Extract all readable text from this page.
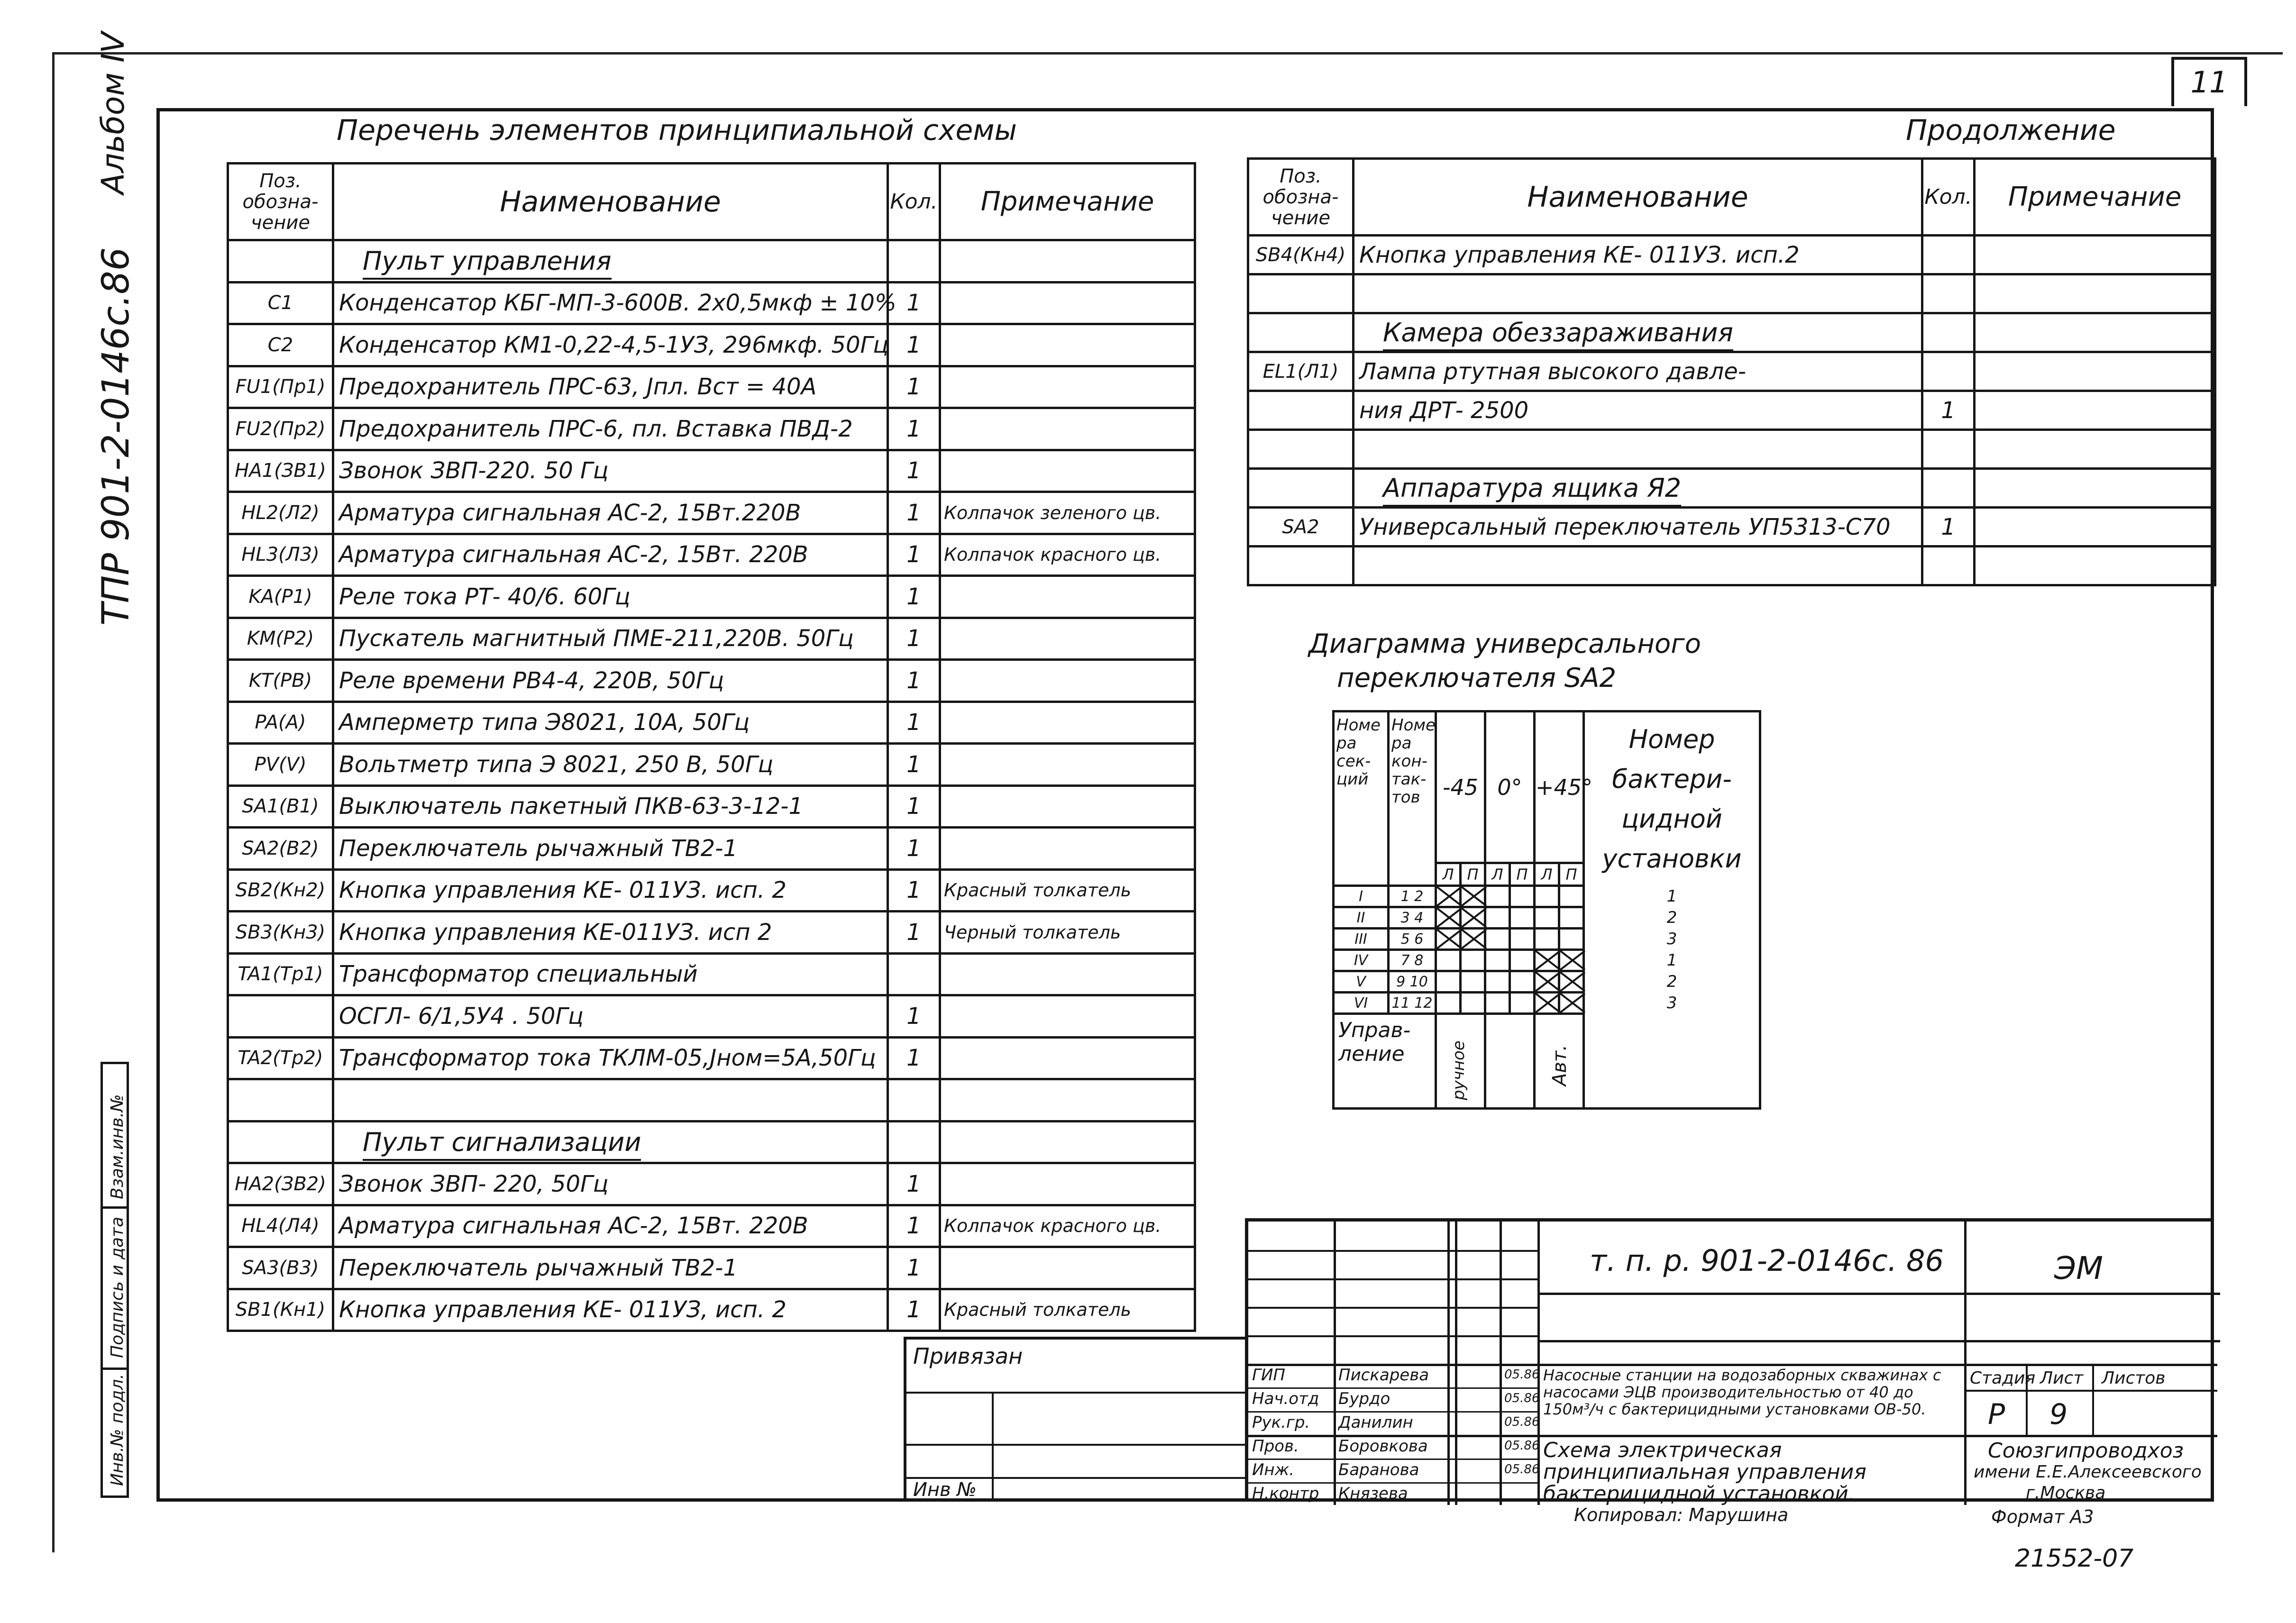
11
Альбом IV
ТПР 901-2-0146с.86
Инв.№ подл.
Подпись и дата
Взам.инв.№
Перечень элементов принципиальной схемы
Поз. обозна- чение	Наименование	Кол.	Примечание
	Пульт управления		
C1	Конденсатор КБГ-МП-3-600В. 2х0,5мкф ± 10%	1	
C2	Конденсатор КМ1-0,22-4,5-1УЗ, 296мкф. 50Гц	1	
FU1(Пр1)	Предохранитель ПРС-63, Јпл. Вст = 40А	1	
FU2(Пр2)	Предохранитель ПРС-6, пл. Вставка ПВД-2	1	
HA1(ЗВ1)	Звонок ЗВП-220. 50 Гц	1	
HL2(Л2)	Арматура сигнальная АС-2, 15Вт.220В	1	Колпачок зеленого цв.
HL3(Л3)	Арматура сигнальная АС-2, 15Вт. 220В	1	Колпачок красного цв.
KA(Р1)	Реле тока РТ- 40/6. 60Гц	1	
KM(Р2)	Пускатель магнитный ПМЕ-211,220В. 50Гц	1	
KT(РВ)	Реле времени РВ4-4, 220В, 50Гц	1	
PA(А)	Амперметр типа Э8021, 10А, 50Гц	1	
PV(V)	Вольтметр типа Э 8021, 250 В, 50Гц	1	
SA1(В1)	Выключатель пакетный ПКВ-63-3-12-1	1	
SA2(В2)	Переключатель рычажный ТВ2-1	1	
SB2(Кн2)	Кнопка управления КЕ- 011УЗ. исп. 2	1	Красный толкатель
SB3(Кн3)	Кнопка управления КЕ-011УЗ. исп 2	1	Черный толкатель
TA1(Тр1)	Трансформатор специальный		
	ОСГЛ- 6/1,5У4 . 50Гц	1	
TA2(Тр2)	Трансформатор тока ТКЛМ-05,Јном=5А,50Гц	1	

	Пульт сигнализации		
HA2(ЗВ2)	Звонок ЗВП- 220, 50Гц	1	
HL4(Л4)	Арматура сигнальная АС-2, 15Вт. 220В	1	Колпачок красного цв.
SA3(В3)	Переключатель рычажный ТВ2-1	1	
SB1(Кн1)	Кнопка управления КЕ- 011УЗ, исп. 2	1	Красный толкатель
Продолжение
Поз. обозна- чение	Наименование	Кол.	Примечание
SB4(Кн4)	Кнопка управления КЕ- 011УЗ. исп.2		

	Камера обеззараживания		
EL1(Л1)	Лампа ртутная высокого давле-		
	ния ДРТ- 2500	1	

	Аппаратура ящика Я2		
SA2	Универсальный переключатель УП5313-С70	1	

Диаграмма универсального
переключателя SA2
Номе ра сек- ций	Номе ра кон- так- тов	-45		0°		+45°		Номер бактери- цидной установки
		Л	П	Л	П	Л	П	
I	1 2							1
II	3 4							2
III	5 6							3
IV	7 8							1
V	9 10							2
VI	11 12							3
Управ- ление		ручное				Авт.		

т. п. р. 901-2-0146с. 86	ЭМ
ГИП	Пискарева	05.86
Нач.отд Бурдо	05.86
Рук.гр. Данилин	05.86
Пров. Боровкова	05.86
Инж.	Баранова	05.86
Н.контр Князева
Насосные станции на водозаборных скважинах с насосами ЭЦВ производительностью от 40 до 150м³/ч с бактерицидными установками ОВ-50.
Схема электрическая принципиальная управления бактерицидной установкой.
Стадия Лист Листов
Р 9
Союзгипроводхоз
имени Е.Е.Алексеевского
г.Москва
Привязан
Инв №
Копировал: Марушина	Формат А3
21552-07
